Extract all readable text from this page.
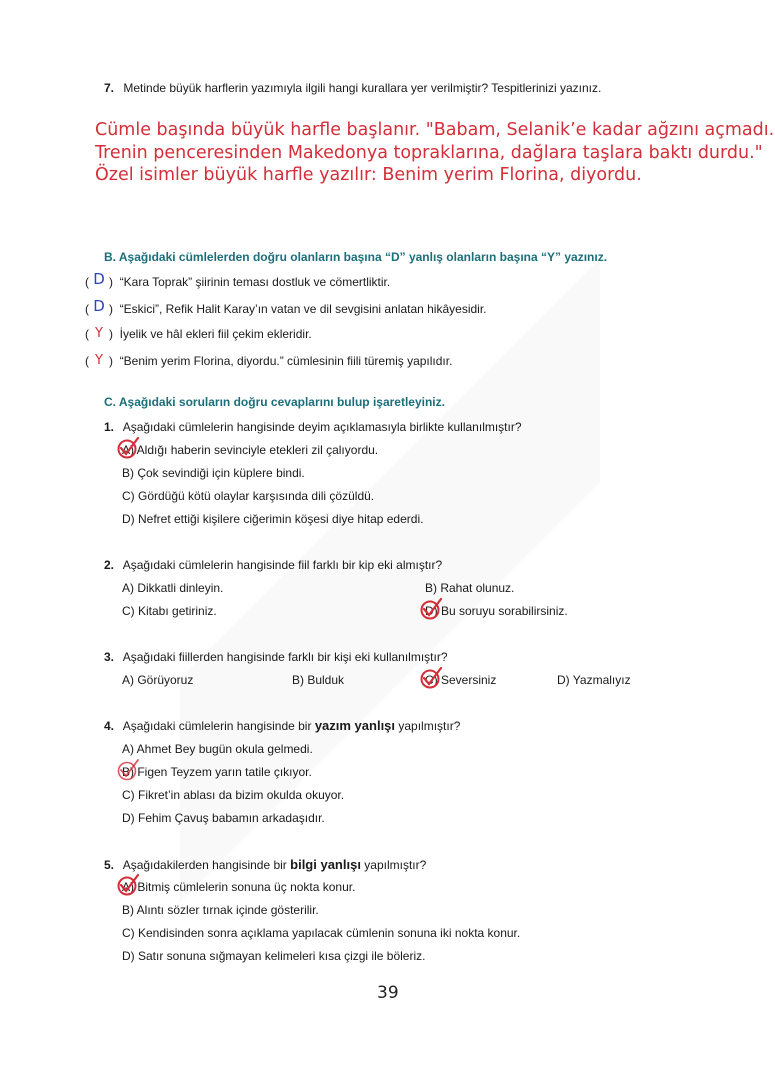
7. Metinde büyük harflerin yazımıyla ilgili hangi kurallara yer verilmiştir? Tespitlerinizi yazınız.
Cümle başında büyük harfle başlanır. "Babam, Selanik’e kadar ağzını açmadı.
Trenin penceresinden Makedonya topraklarına, dağlara taşlara baktı durdu."
Özel isimler büyük harfle yazılır: Benim yerim Florina, diyordu.
B. Aşağıdaki cümlelerden doğru olanların başına “D” yanlış olanların başına “Y” yazınız.
( D )  “Kara Toprak” şiirinin teması dostluk ve cömertliktir.
( D )  “Eskici”, Refik Halit Karay’ın vatan ve dil sevgisini anlatan hikâyesidir.
( Y )  İyelik ve hâl ekleri fiil çekim ekleridir.
( Y )  “Benim yerim Florina, diyordu.” cümlesinin fiili türemiş yapılıdır.
C. Aşağıdaki soruların doğru cevaplarını bulup işaretleyiniz.
1. Aşağıdaki cümlelerin hangisinde deyim açıklamasıyla birlikte kullanılmıştır?
A) Aldığı haberin sevinciyle etekleri zil çalıyordu.
B) Çok sevindiği için küplere bindi.
C) Gördüğü kötü olaylar karşısında dili çözüldü.
D) Nefret ettiği kişilere ciğerimin köşesi diye hitap ederdi.
2. Aşağıdaki cümlelerin hangisinde fiil farklı bir kip eki almıştır?
A) Dikkatli dinleyin.	B) Rahat olunuz.
C) Kitabı getiriniz.	D) Bu soruyu sorabilirsiniz.
3. Aşağıdaki fiillerden hangisinde farklı bir kişi eki kullanılmıştır?
A) Görüyoruz	B) Bulduk	C) Seversiniz	D) Yazmalıyız
4. Aşağıdaki cümlelerin hangisinde bir yazım yanlışı yapılmıştır?
A) Ahmet Bey bugün okula gelmedi.
B) Figen Teyzem yarın tatile çıkıyor.
C) Fikret’in ablası da bizim okulda okuyor.
D) Fehim Çavuş babamın arkadaşıdır.
5. Aşağıdakilerden hangisinde bir bilgi yanlışı yapılmıştır?
A) Bitmiş cümlelerin sonuna üç nokta konur.
B) Alıntı sözler tırnak içinde gösterilir.
C) Kendisinden sonra açıklama yapılacak cümlenin sonuna iki nokta konur.
D) Satır sonuna sığmayan kelimeleri kısa çizgi ile böleriz.
39
